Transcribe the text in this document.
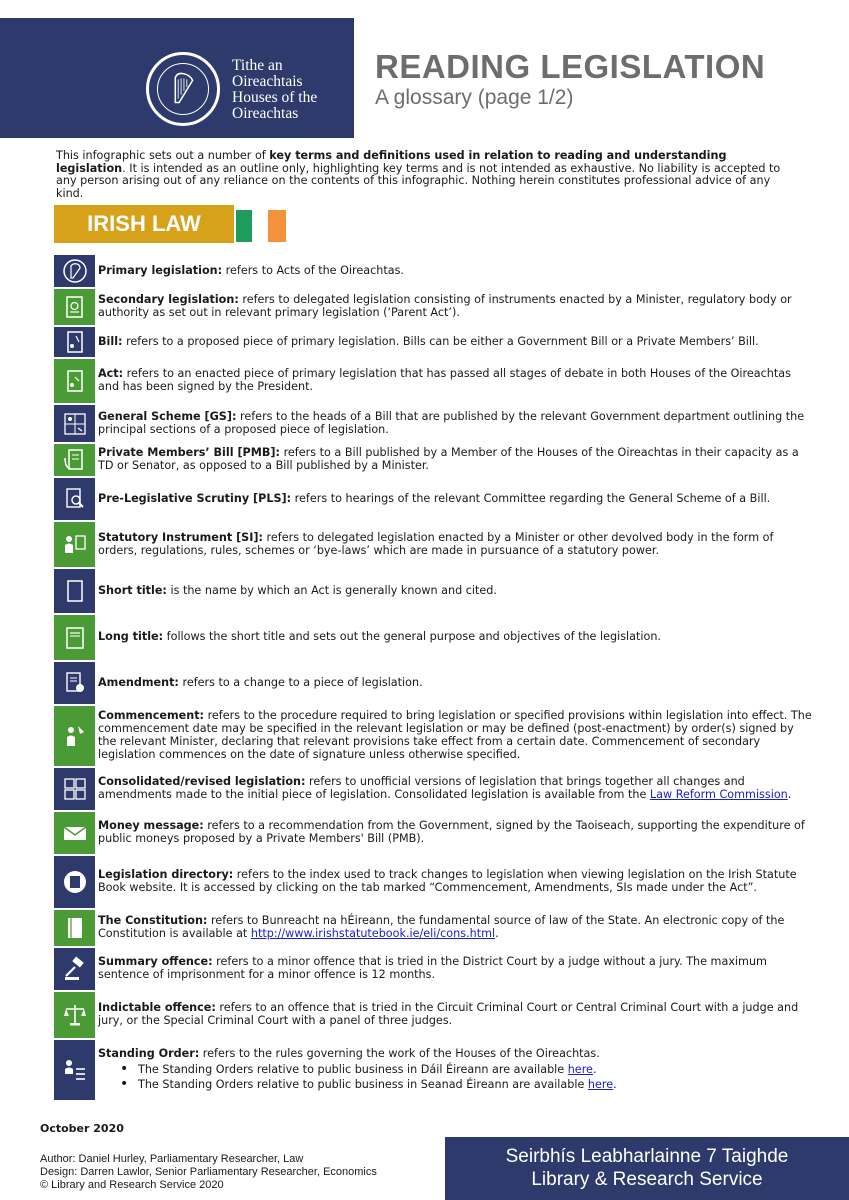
Tithe an
Oireachtais
Houses of the
Oireachtas
READING LEGISLATION
A glossary (page 1/2)
This infographic sets out a number of key terms and definitions used in relation to reading and understanding legislation. It is intended as an outline only, highlighting key terms and is not intended as exhaustive. No liability is accepted to any person arising out of any reliance on the contents of this infographic. Nothing herein constitutes professional advice of any kind.
IRISH LAW
Primary legislation: refers to Acts of the Oireachtas.
Secondary legislation: refers to delegated legislation consisting of instruments enacted by a Minister, regulatory body or authority as set out in relevant primary legislation (‘Parent Act’).
Bill: refers to a proposed piece of primary legislation. Bills can be either a Government Bill or a Private Members’ Bill.
Act: refers to an enacted piece of primary legislation that has passed all stages of debate in both Houses of the Oireachtas and has been signed by the President.
General Scheme [GS]: refers to the heads of a Bill that are published by the relevant Government department outlining the principal sections of a proposed piece of legislation.
Private Members’ Bill [PMB]: refers to a Bill published by a Member of the Houses of the Oireachtas in their capacity as a TD or Senator, as opposed to a Bill published by a Minister.
Pre-Legislative Scrutiny [PLS]: refers to hearings of the relevant Committee regarding the General Scheme of a Bill.
Statutory Instrument [SI]: refers to delegated legislation enacted by a Minister or other devolved body in the form of orders, regulations, rules, schemes or ‘bye-laws’ which are made in pursuance of a statutory power.
Short title: is the name by which an Act is generally known and cited.
Long title: follows the short title and sets out the general purpose and objectives of the legislation.
Amendment: refers to a change to a piece of legislation.
Commencement: refers to the procedure required to bring legislation or specified provisions within legislation into effect. The commencement date may be specified in the relevant legislation or may be defined (post-enactment) by order(s) signed by the relevant Minister, declaring that relevant provisions take effect from a certain date. Commencement of secondary legislation commences on the date of signature unless otherwise specified.
Consolidated/revised legislation: refers to unofficial versions of legislation that brings together all changes and amendments made to the initial piece of legislation. Consolidated legislation is available from the Law Reform Commission.
Money message: refers to a recommendation from the Government, signed by the Taoiseach, supporting the expenditure of public moneys proposed by a Private Members' Bill (PMB).
Legislation directory: refers to the index used to track changes to legislation when viewing legislation on the Irish Statute Book website. It is accessed by clicking on the tab marked “Commencement, Amendments, SIs made under the Act”.
The Constitution: refers to Bunreacht na hÉireann, the fundamental source of law of the State. An electronic copy of the Constitution is available at http://www.irishstatutebook.ie/eli/cons.html.
Summary offence: refers to a minor offence that is tried in the District Court by a judge without a jury. The maximum sentence of imprisonment for a minor offence is 12 months.
Indictable offence: refers to an offence that is tried in the Circuit Criminal Court or Central Criminal Court with a judge and jury, or the Special Criminal Court with a panel of three judges.
Standing Order: refers to the rules governing the work of the Houses of the Oireachtas.
• The Standing Orders relative to public business in Dáil Éireann are available here.
• The Standing Orders relative to public business in Seanad Éireann are available here.
October 2020
Author: Daniel Hurley, Parliamentary Researcher, Law
Design: Darren Lawlor, Senior Parliamentary Researcher, Economics
© Library and Research Service 2020
Seirbhís Leabharlainne 7 Taighde
Library & Research Service
